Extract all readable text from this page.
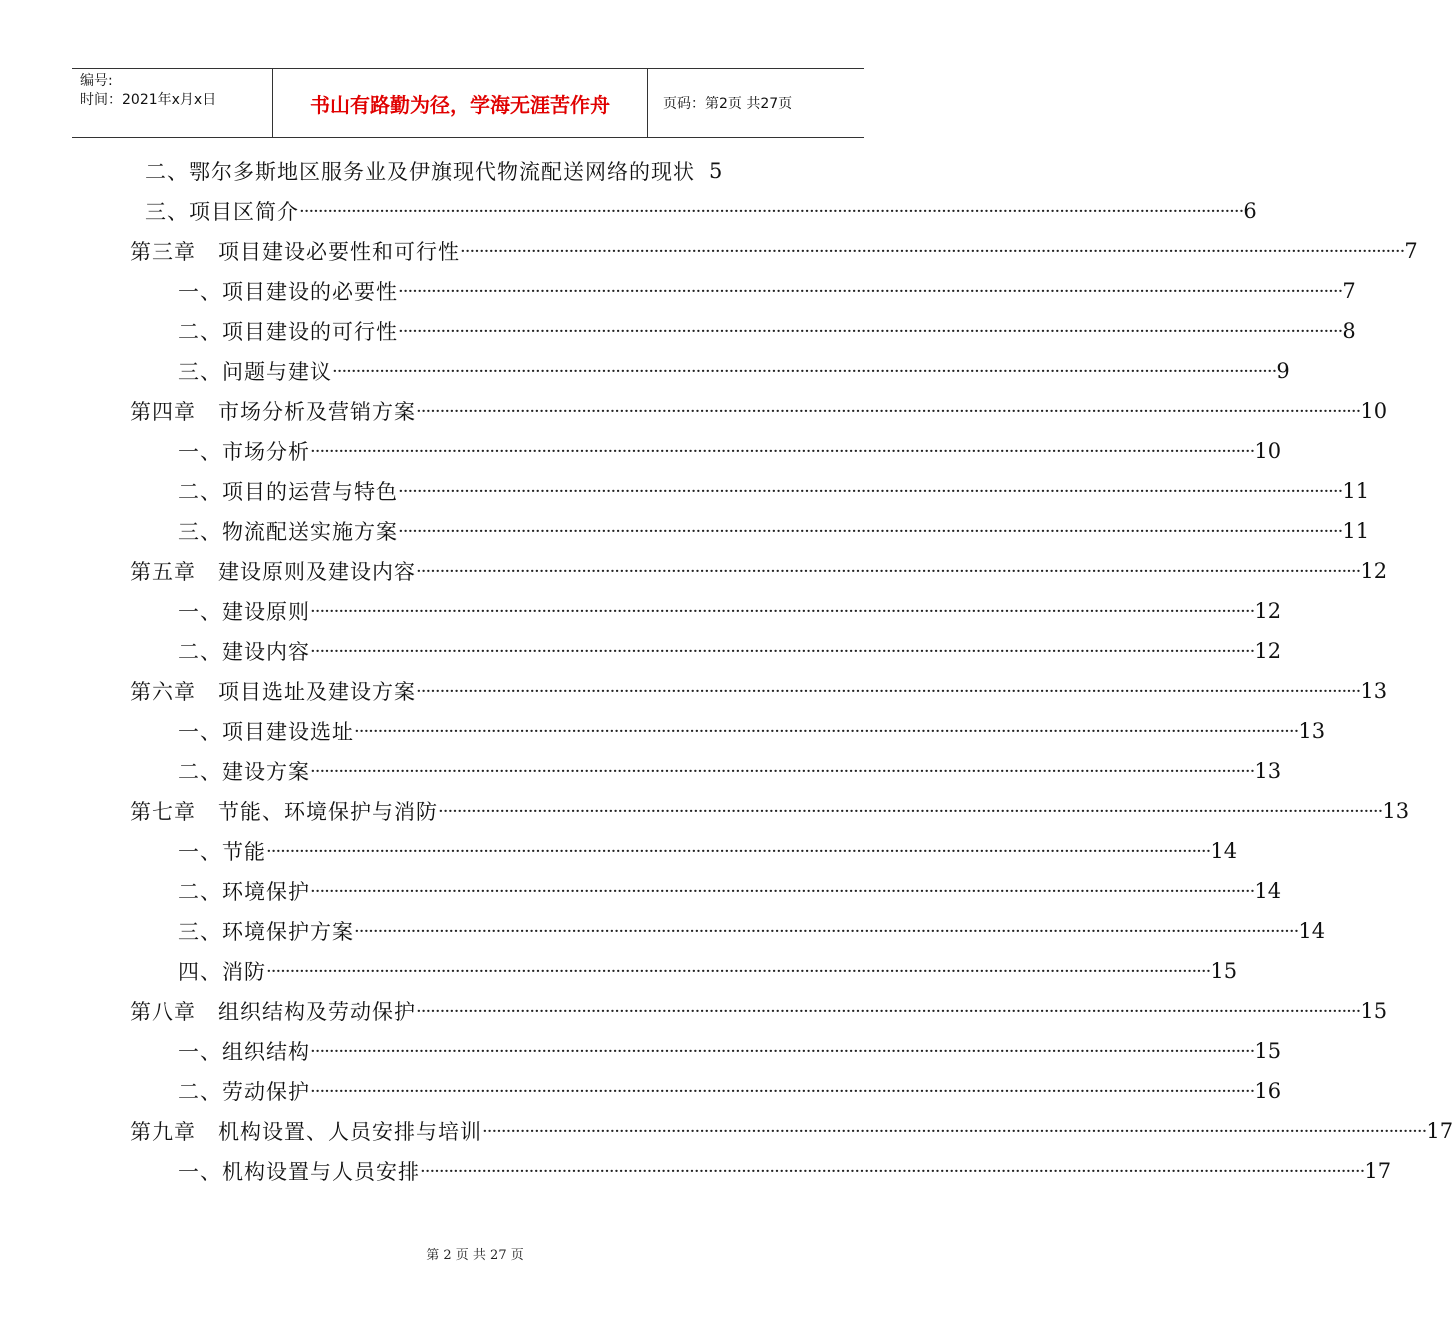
编号:
时间：2021年x月x日	书山有路勤为径，学海无涯苦作舟	页码：第2页 共27页
二、鄂尔多斯地区服务业及伊旗现代物流配送网络的现状 5
三、项目区简介 ········································································································································································································ 6
第三章　项目建设必要性和可行性 ········································································································································································································ 7
一、项目建设的必要性 ········································································································································································································ 7
二、项目建设的可行性 ········································································································································································································ 8
三、问题与建议 ········································································································································································································ 9
第四章　市场分析及营销方案 ········································································································································································································ 10
一、市场分析 ········································································································································································································ 10
二、项目的运营与特色 ········································································································································································································ 11
三、物流配送实施方案 ········································································································································································································ 11
第五章　建设原则及建设内容 ········································································································································································································ 12
一、建设原则 ········································································································································································································ 12
二、建设内容 ········································································································································································································ 12
第六章　项目选址及建设方案 ········································································································································································································ 13
一、项目建设选址 ········································································································································································································ 13
二、建设方案 ········································································································································································································ 13
第七章　节能、环境保护与消防 ········································································································································································································ 13
一、节能 ········································································································································································································ 14
二、环境保护 ········································································································································································································ 14
三、环境保护方案 ········································································································································································································ 14
四、消防 ········································································································································································································ 15
第八章　组织结构及劳动保护 ········································································································································································································ 15
一、组织结构 ········································································································································································································ 15
二、劳动保护 ········································································································································································································ 16
第九章　机构设置、人员安排与培训 ········································································································································································································ 17
一、机构设置与人员安排 ········································································································································································································ 17
第 2 页 共 27 页
